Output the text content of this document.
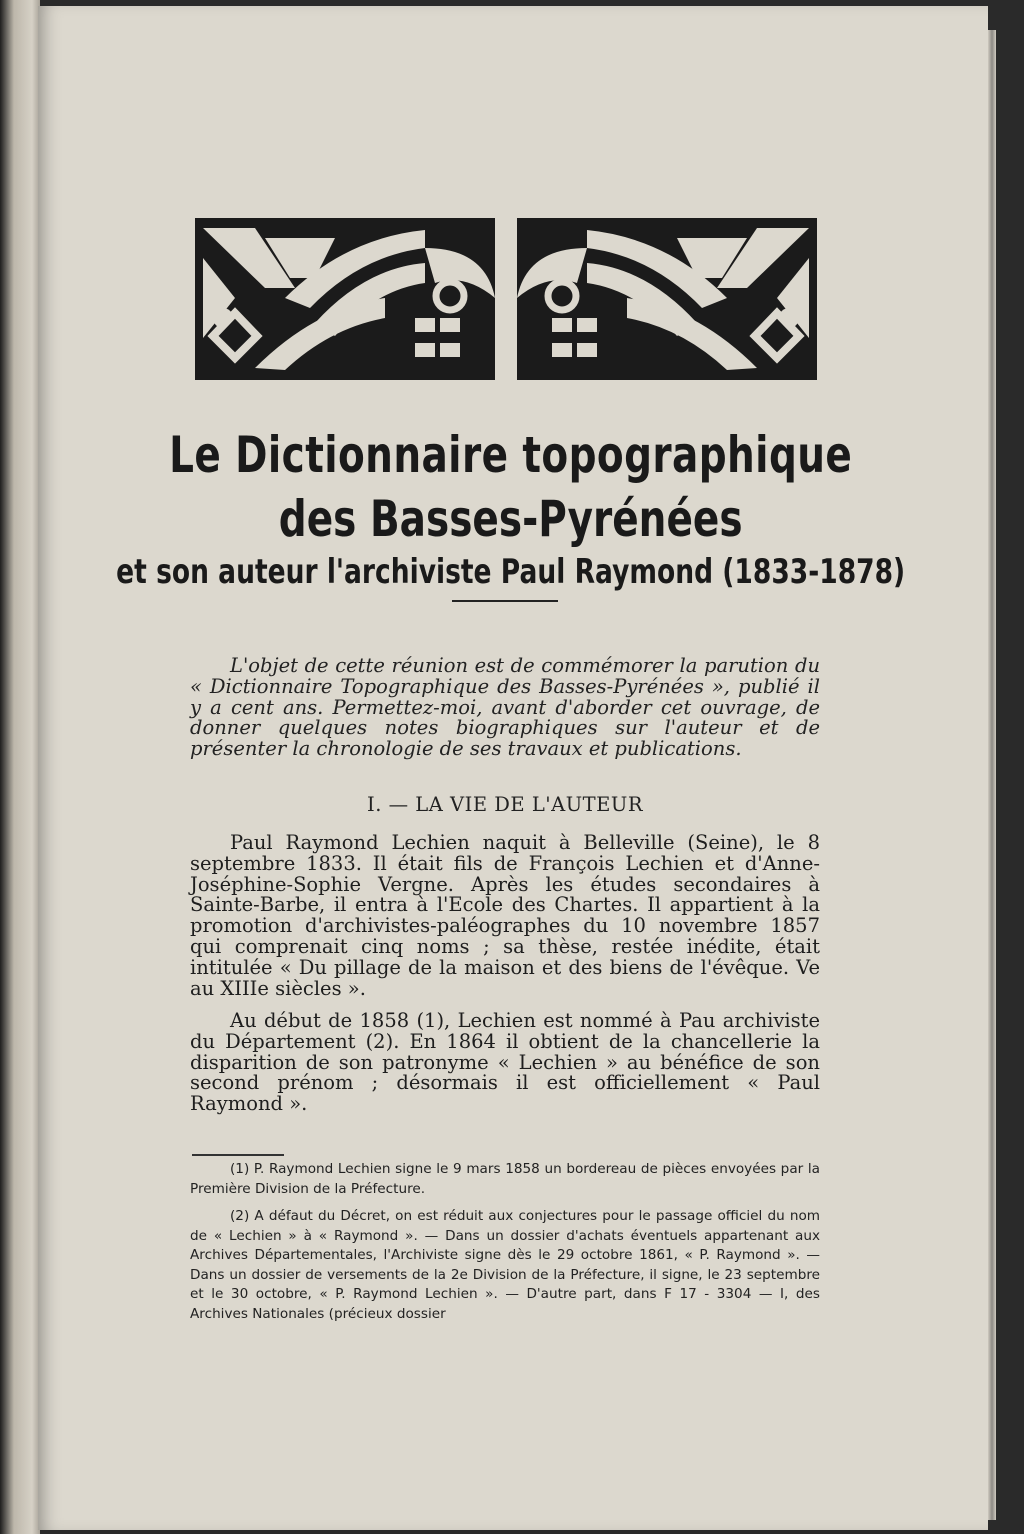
Le Dictionnaire topographique
des Basses-Pyrénées
et son auteur l'archiviste Paul Raymond (1833-1878)
L'objet de cette réunion est de commémorer la parution du « Dictionnaire Topographique des Basses-Pyrénées », publié il y a cent ans. Permettez-moi, avant d'aborder cet ouvrage, de donner quelques notes biographiques sur l'auteur et de présenter la chronologie de ses travaux et publications.
I. — LA VIE DE L'AUTEUR
Paul Raymond Lechien naquit à Belleville (Seine), le 8 septembre 1833. Il était fils de François Lechien et d'Anne-Joséphine-Sophie Vergne. Après les études secondaires à Sainte-Barbe, il entra à l'Ecole des Chartes. Il appartient à la promotion d'archivistes-paléographes du 10 novembre 1857 qui comprenait cinq noms ; sa thèse, restée inédite, était intitulée « Du pillage de la maison et des biens de l'évêque. Ve au XIIIe siècles ».
Au début de 1858 (1), Lechien est nommé à Pau archiviste du Département (2). En 1864 il obtient de la chancellerie la disparition de son patronyme « Lechien » au bénéfice de son second prénom ; désormais il est officiellement « Paul Raymond ».
(1) P. Raymond Lechien signe le 9 mars 1858 un bordereau de pièces envoyées par la Première Division de la Préfecture.
(2) A défaut du Décret, on est réduit aux conjectures pour le passage officiel du nom de « Lechien » à « Raymond ». — Dans un dossier d'achats éventuels appartenant aux Archives Départementales, l'Archiviste signe dès le 29 octobre 1861, « P. Raymond ». — Dans un dossier de versements de la 2e Division de la Préfecture, il signe, le 23 septembre et le 30 octobre, « P. Raymond Lechien ». — D'autre part, dans F 17 - 3304 — I, des Archives Nationales (précieux dossier
